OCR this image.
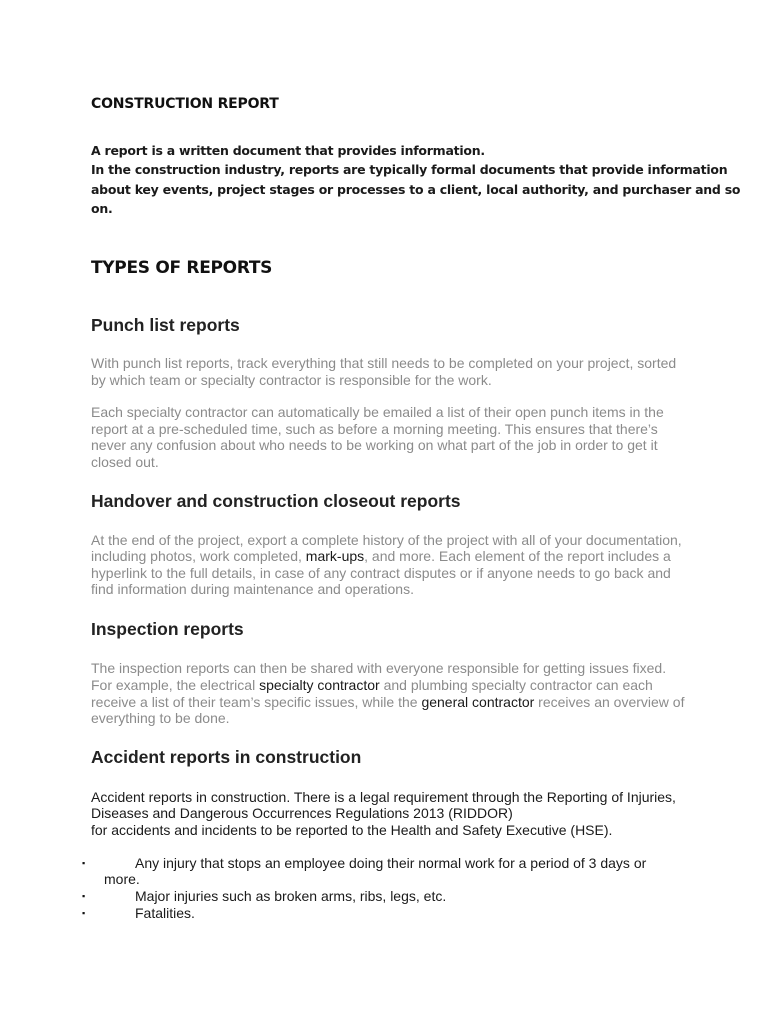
CONSTRUCTION REPORT
A report is a written document that provides information.
In the construction industry, reports are typically formal documents that provide information
about key events, project stages or processes to a client, local authority, and purchaser and so
on.
TYPES OF REPORTS
Punch list reports
With punch list reports, track everything that still needs to be completed on your project, sorted
by which team or specialty contractor is responsible for the work.
Each specialty contractor can automatically be emailed a list of their open punch items in the
report at a pre-scheduled time, such as before a morning meeting. This ensures that there’s
never any confusion about who needs to be working on what part of the job in order to get it
closed out.
Handover and construction closeout reports
At the end of the project, export a complete history of the project with all of your documentation,
including photos, work completed, mark-ups, and more. Each element of the report includes a
hyperlink to the full details, in case of any contract disputes or if anyone needs to go back and
find information during maintenance and operations.
Inspection reports
The inspection reports can then be shared with everyone responsible for getting issues fixed.
For example, the electrical specialty contractor and plumbing specialty contractor can each
receive a list of their team’s specific issues, while the general contractor receives an overview of
everything to be done.
Accident reports in construction
Accident reports in construction. There is a legal requirement through the Reporting of Injuries,
Diseases and Dangerous Occurrences Regulations 2013 (RIDDOR)
for accidents and incidents to be reported to the Health and Safety Executive (HSE).
▪	Any injury that stops an employee doing their normal work for a period of 3 days or
more.
▪	Major injuries such as broken arms, ribs, legs, etc.
▪	Fatalities.
